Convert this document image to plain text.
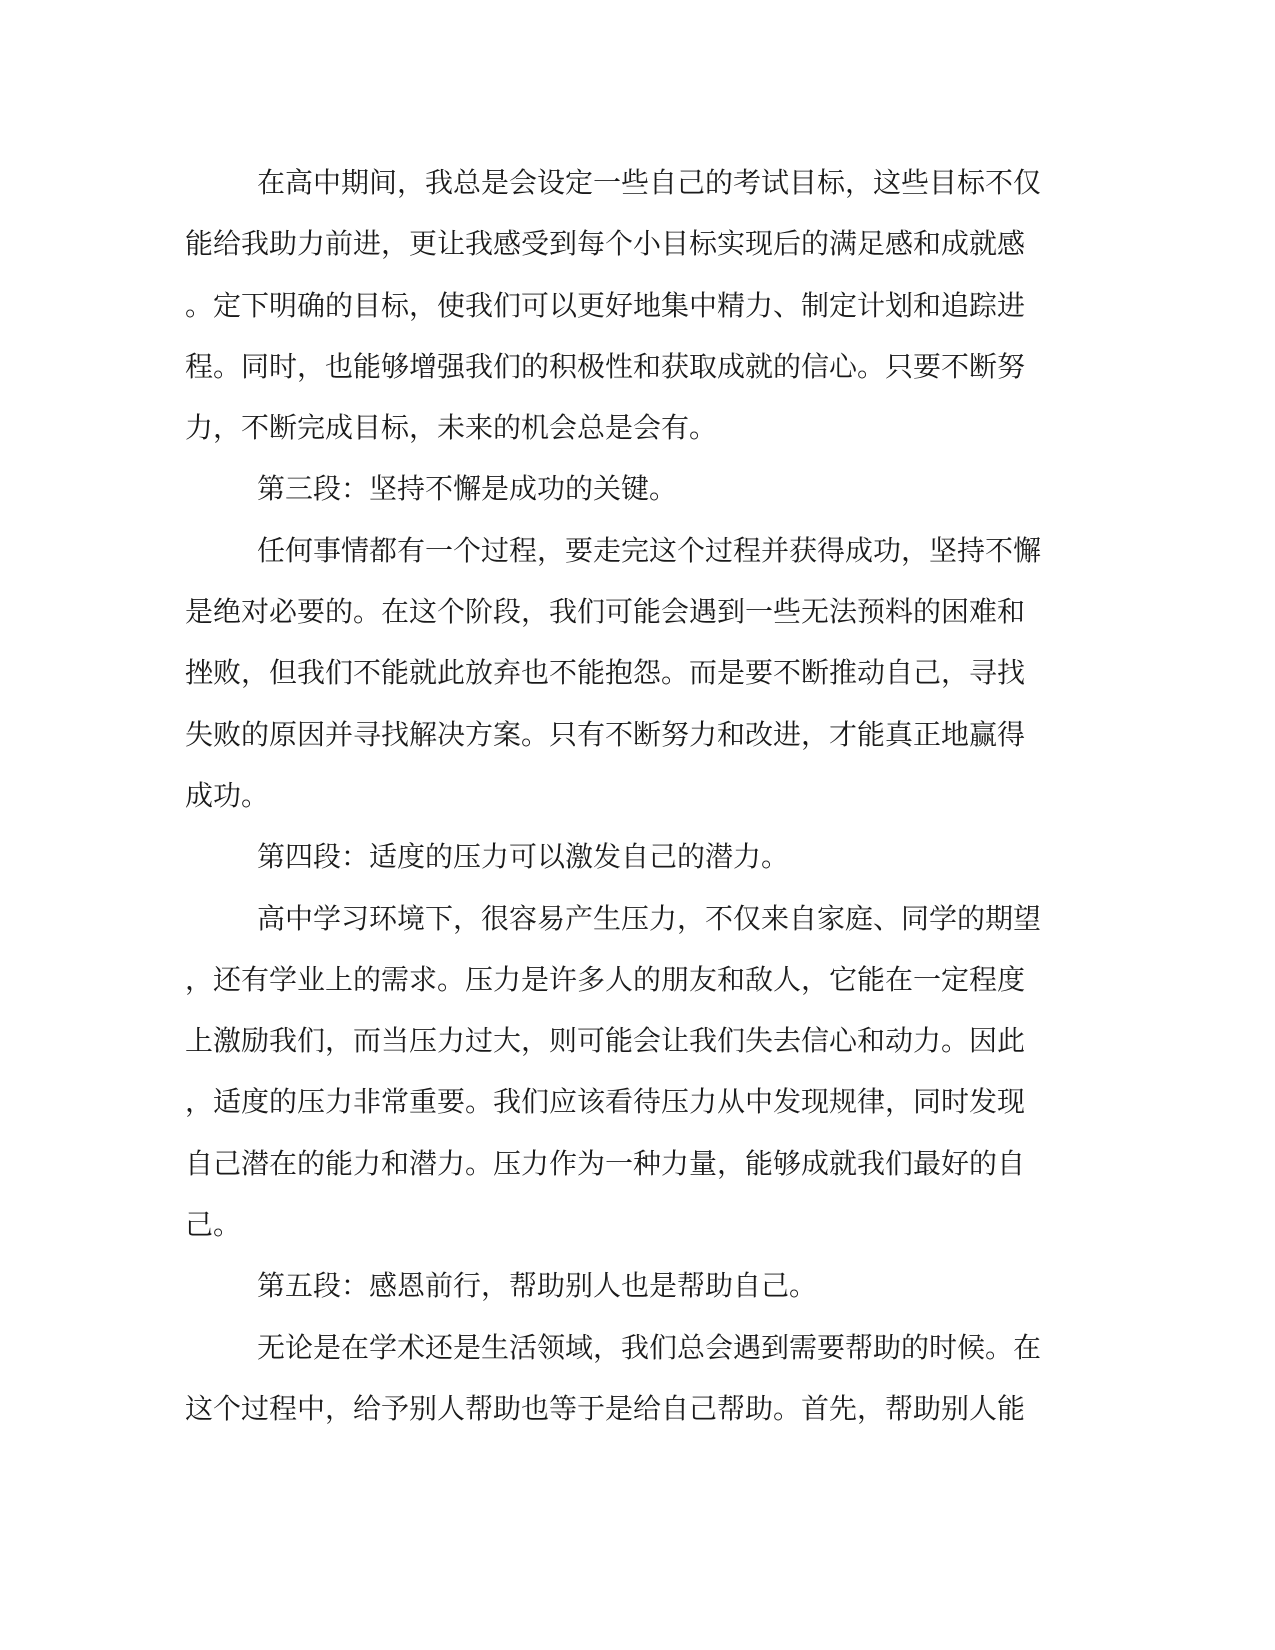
在高中期间，我总是会设定一些自己的考试目标，这些目标不仅
能给我助力前进，更让我感受到每个小目标实现后的满足感和成就感
。定下明确的目标，使我们可以更好地集中精力、制定计划和追踪进
程。同时，也能够增强我们的积极性和获取成就的信心。只要不断努
力，不断完成目标，未来的机会总是会有。
第三段：坚持不懈是成功的关键。
任何事情都有一个过程，要走完这个过程并获得成功，坚持不懈
是绝对必要的。在这个阶段，我们可能会遇到一些无法预料的困难和
挫败，但我们不能就此放弃也不能抱怨。而是要不断推动自己，寻找
失败的原因并寻找解决方案。只有不断努力和改进，才能真正地赢得
成功。
第四段：适度的压力可以激发自己的潜力。
高中学习环境下，很容易产生压力，不仅来自家庭、同学的期望
，还有学业上的需求。压力是许多人的朋友和敌人，它能在一定程度
上激励我们，而当压力过大，则可能会让我们失去信心和动力。因此
，适度的压力非常重要。我们应该看待压力从中发现规律，同时发现
自己潜在的能力和潜力。压力作为一种力量，能够成就我们最好的自
己。
第五段：感恩前行，帮助别人也是帮助自己。
无论是在学术还是生活领域，我们总会遇到需要帮助的时候。在
这个过程中，给予别人帮助也等于是给自己帮助。首先，帮助别人能
